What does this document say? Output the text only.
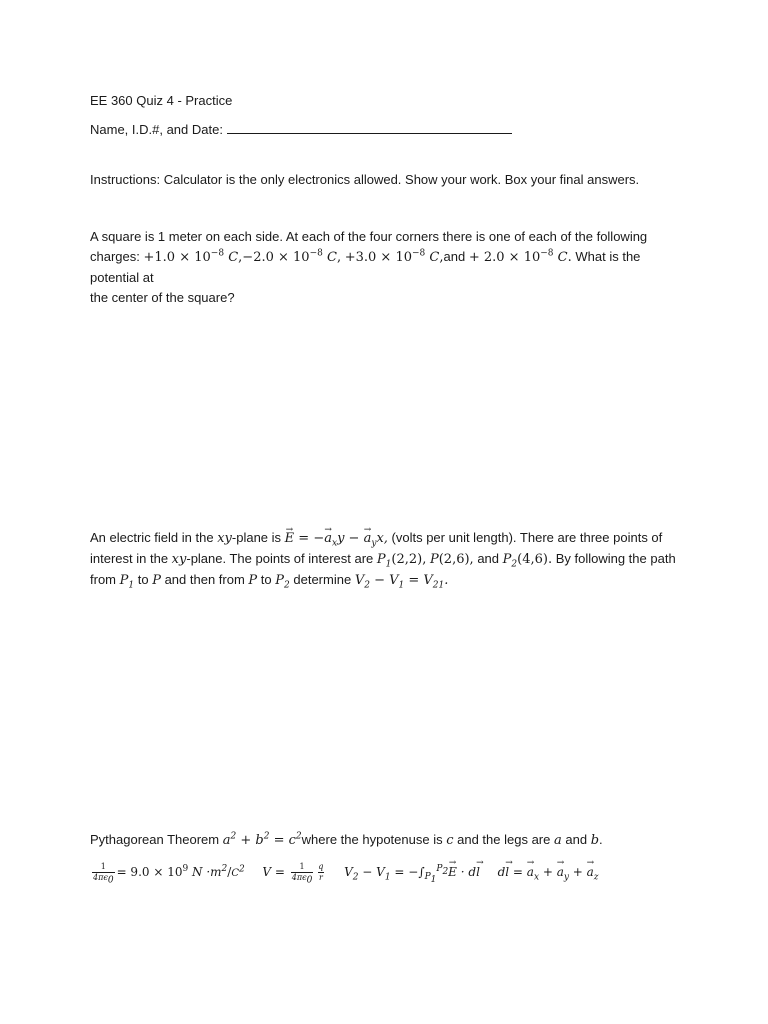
EE 360 Quiz 4 - Practice
Name, I.D.#, and Date:
Instructions: Calculator is the only electronics allowed. Show your work. Box your final answers.
A square is 1 meter on each side. At each of the four corners there is one of each of the following
charges: $+1.0 \times 10^{-8}$ $C,-2.0 \times 10^{-8}$ C, $+3.0 \times 10^{-8}$ $C,and + 2.0 \times 10^{-8}$ C. What is the potential at
the center of the square?
An electric field in the xy-plane is → E = −→ $a_xy$ − → $a_yx$, (volts per unit length). There are three points of
interest in the xy-plane. The points of interest are $P_1(2,2)$, P(2,6), and $P_2(4,6)$. By following the path
from $P_1$ to P and then from P to $P_2$ determine $V_2 - V_1 = V_{21}$.
Pythagorean Theorem $a^2 + b^2$ = $c^2where$ the hypotenuse is c and the legs are a and b.
$\frac{1}{4\pi\epsilon_0} = 9.0 \times 10^9$ $N \cdot m^2/C^2$ $V = \frac{1}{4\pi\epsilon_0} \frac{q}{r} V_2 - V_1 = -\int_{P_1}^{P_2}\to E \cdot d\to l$ d→ l = → $a_x$ + → $a_y$ + → $a_z$
